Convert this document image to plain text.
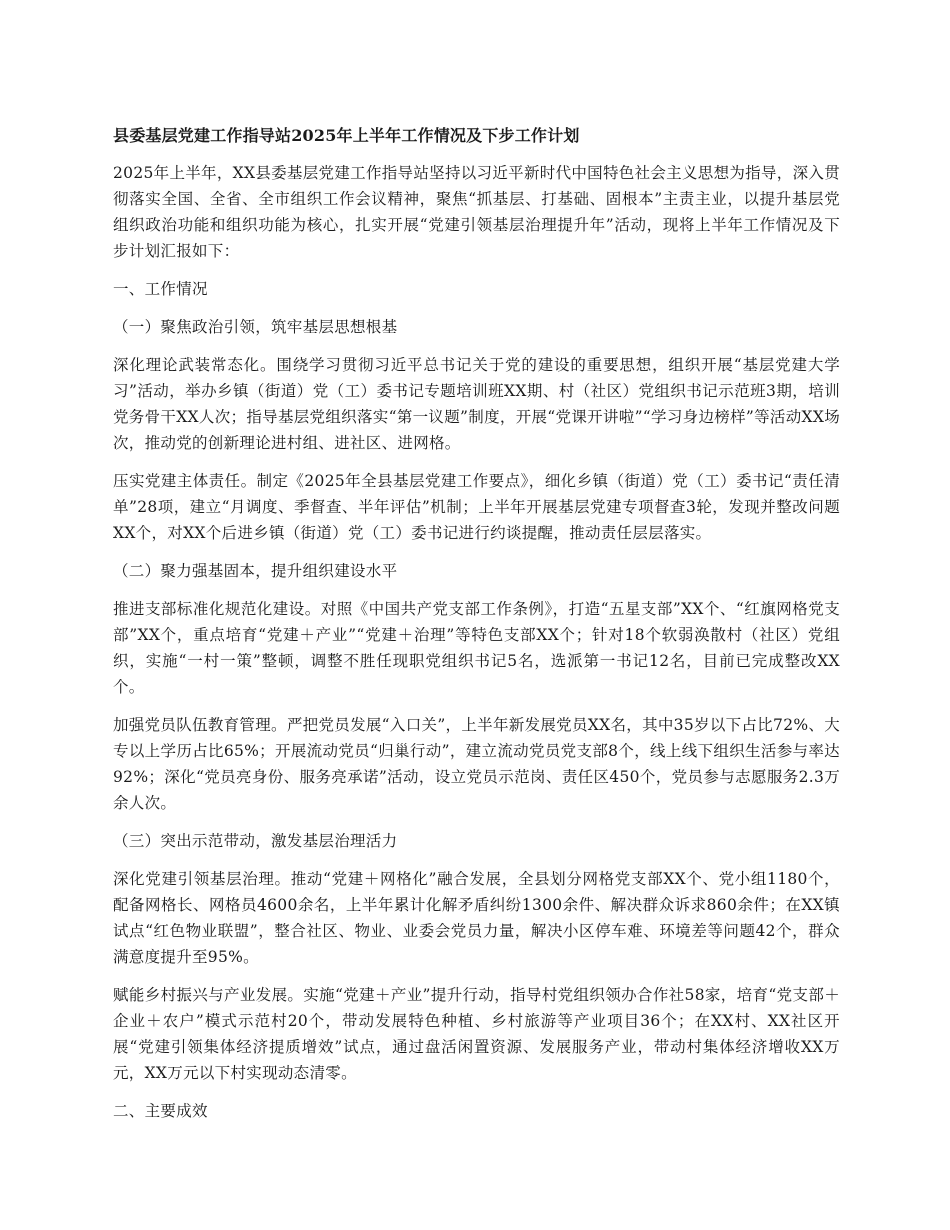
县委基层党建工作指导站2025年上半年工作情况及下步工作计划

2025年上半年，XX县委基层党建工作指导站坚持以习近平新时代中国特色社会主义思想为指导，深入贯彻落实全国、全省、全市组织工作会议精神，聚焦“抓基层、打基础、固根本”主责主业，以提升基层党组织政治功能和组织功能为核心，扎实开展“党建引领基层治理提升年”活动，现将上半年工作情况及下步计划汇报如下：

一、工作情况

（一）聚焦政治引领，筑牢基层思想根基

深化理论武装常态化。围绕学习贯彻习近平总书记关于党的建设的重要思想，组织开展“基层党建大学习”活动，举办乡镇（街道）党（工）委书记专题培训班XX期、村（社区）党组织书记示范班3期，培训党务骨干XX人次；指导基层党组织落实“第一议题”制度，开展“党课开讲啦”“学习身边榜样”等活动XX场次，推动党的创新理论进村组、进社区、进网格。

压实党建主体责任。制定《2025年全县基层党建工作要点》，细化乡镇（街道）党（工）委书记“责任清单”28项，建立“月调度、季督查、半年评估”机制；上半年开展基层党建专项督查3轮，发现并整改问题XX个，对XX个后进乡镇（街道）党（工）委书记进行约谈提醒，推动责任层层落实。

（二）聚力强基固本，提升组织建设水平

推进支部标准化规范化建设。对照《中国共产党支部工作条例》，打造“五星支部”XX个、“红旗网格党支部”XX个，重点培育“党建＋产业”“党建＋治理”等特色支部XX个；针对18个软弱涣散村（社区）党组织，实施“一村一策”整顿，调整不胜任现职党组织书记5名，选派第一书记12名，目前已完成整改XX个。

加强党员队伍教育管理。严把党员发展“入口关”，上半年新发展党员XX名，其中35岁以下占比72%、大专以上学历占比65%；开展流动党员“归巢行动”，建立流动党员党支部8个，线上线下组织生活参与率达92%；深化“党员亮身份、服务亮承诺”活动，设立党员示范岗、责任区450个，党员参与志愿服务2.3万余人次。

（三）突出示范带动，激发基层治理活力

深化党建引领基层治理。推动“党建＋网格化”融合发展，全县划分网格党支部XX个、党小组1180个，配备网格长、网格员4600余名，上半年累计化解矛盾纠纷1300余件、解决群众诉求860余件；在XX镇试点“红色物业联盟”，整合社区、物业、业委会党员力量，解决小区停车难、环境差等问题42个，群众满意度提升至95%。

赋能乡村振兴与产业发展。实施“党建＋产业”提升行动，指导村党组织领办合作社58家，培育“党支部＋企业＋农户”模式示范村20个，带动发展特色种植、乡村旅游等产业项目36个；在XX村、XX社区开展“党建引领集体经济提质增效”试点，通过盘活闲置资源、发展服务产业，带动村集体经济增收XX万元，XX万元以下村实现动态清零。

二、主要成效
